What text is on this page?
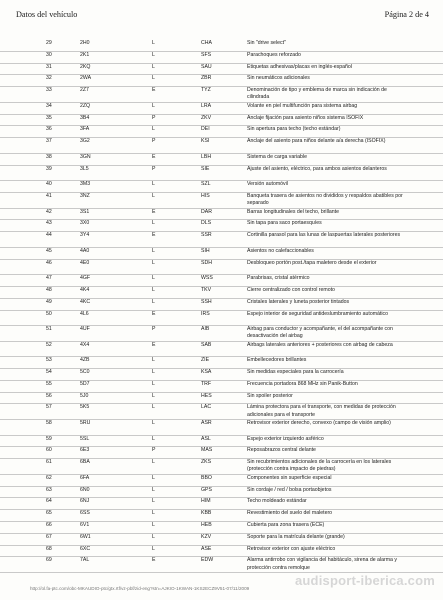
Datos del vehículo	Página 2 de 4
29	2H0	L	CHA	Sin "drive select"
30	2K1	L	SFS	Parachoques reforzado
31	2KQ	L	SAU	Etiquetas adhesivas/placas en inglés-español
32	2WA	L	ZBR	Sin neumáticos adicionales
33	2Z7	E	TYZ	Denominación de tipo y emblema de marca sin indicación de cilindrada
34	2ZQ	L	LRA	Volante en piel multifunción para sistema airbag
35	3B4	P	ZKV	Anclaje fijación para asiento niños sistema ISOFIX
36	3FA	L	DEI	Sin apertura para techo (techo estándar)
37	3G2	P	KSI	Anclaje del asiento para niños delante a/a derecha (ISOFIX)
38	3GN	E	LBH	Sistema de carga variable
39	3L5	P	SIE	Ajuste del asiento, eléctrico, para ambos asientos delanteros
40	3M3	L	SZL	Versión automóvil
41	3NZ	L	HIS	Banqueta trasera de asientos no divididos y respaldos abatibles por separado
42	3S1	E	DAR	Barras longitudinales del techo, brillante
43	3X0	L	DLS	Sin tapa para saco portaesquíes
44	3Y4	E	SSR	Cortinilla parasol para las lunas de laspuertas laterales posteriores
45	4A0	L	SIH	Asientos no calefaccionables
46	4E0	L	SDH	Desbloqueo portón post./tapa maletero desde el exterior
47	4GF	L	WSS	Parabrisas, cristal atérmico
48	4K4	L	TKV	Cierre centralizado con control remoto
49	4KC	L	SSH	Cristales laterales y luneta posterior tintados
50	4L6	E	IRS	Espejo interior de seguridad antideslumbramiento automático
51	4UF	P	AIB	Airbag para conductor y acompañante, el del acompañante con desactivación del airbag
52	4X4	E	SAB	Airbags laterales anteriores + posteriores con airbag de cabeza
53	4ZB	L	ZIE	Embellecedores brillantes
54	5C0	L	KSA	Sin medidas especiales para la carrocería
55	5D7	L	TRF	Frecuencia portadora 868 MHz sin Panik-Button
56	5J0	L	HES	Sin spoiler posterior
57	5K5	L	LAC	Lámina protectora para el transporte, con medidas de protección adicionales para el transporte
58	5RU	L	ASR	Retrovisor exterior derecho, convexo (campo de visión amplio)
59	5SL	L	ASL	Espejo exterior izquierdo asférico
60	6E3	P	MAS	Reposabrazos central delante
61	6BA	L	ZKS	Sin recubrimientos adicionales de la carrocería en los laterales (protección contra impacto de piedras)
62	6FA	L	BBO	Componentes sin superficie especial
63	6N0	L	GPS	Sin cordaje / red / bolsa portaobjetos
64	6NJ	L	HIM	Techo moldeado estándar
65	6SS	L	KBB	Revestimiento del suelo del maletero
66	6V1	L	HEB	Cubierta para zona trasera (ECE)
67	6W1	L	KZV	Soporte para la matrícula delante (grande)
68	6XC	L	ASE	Retrovisor exterior con ajuste eléctrico
69	7AL	E	EDW	Alarma antirrobo con vigilancia del habitáculo, sirena de alarma y protección contra remolque
http://ol.fa-ptc.com/obc-MKAUDIO-ptc/gtx.rtf/vz-pbf/zid-eng?stn=AJKIO-1KWAN-1KS2ECZ9V51-07/11/2009
audisport-iberica.com
